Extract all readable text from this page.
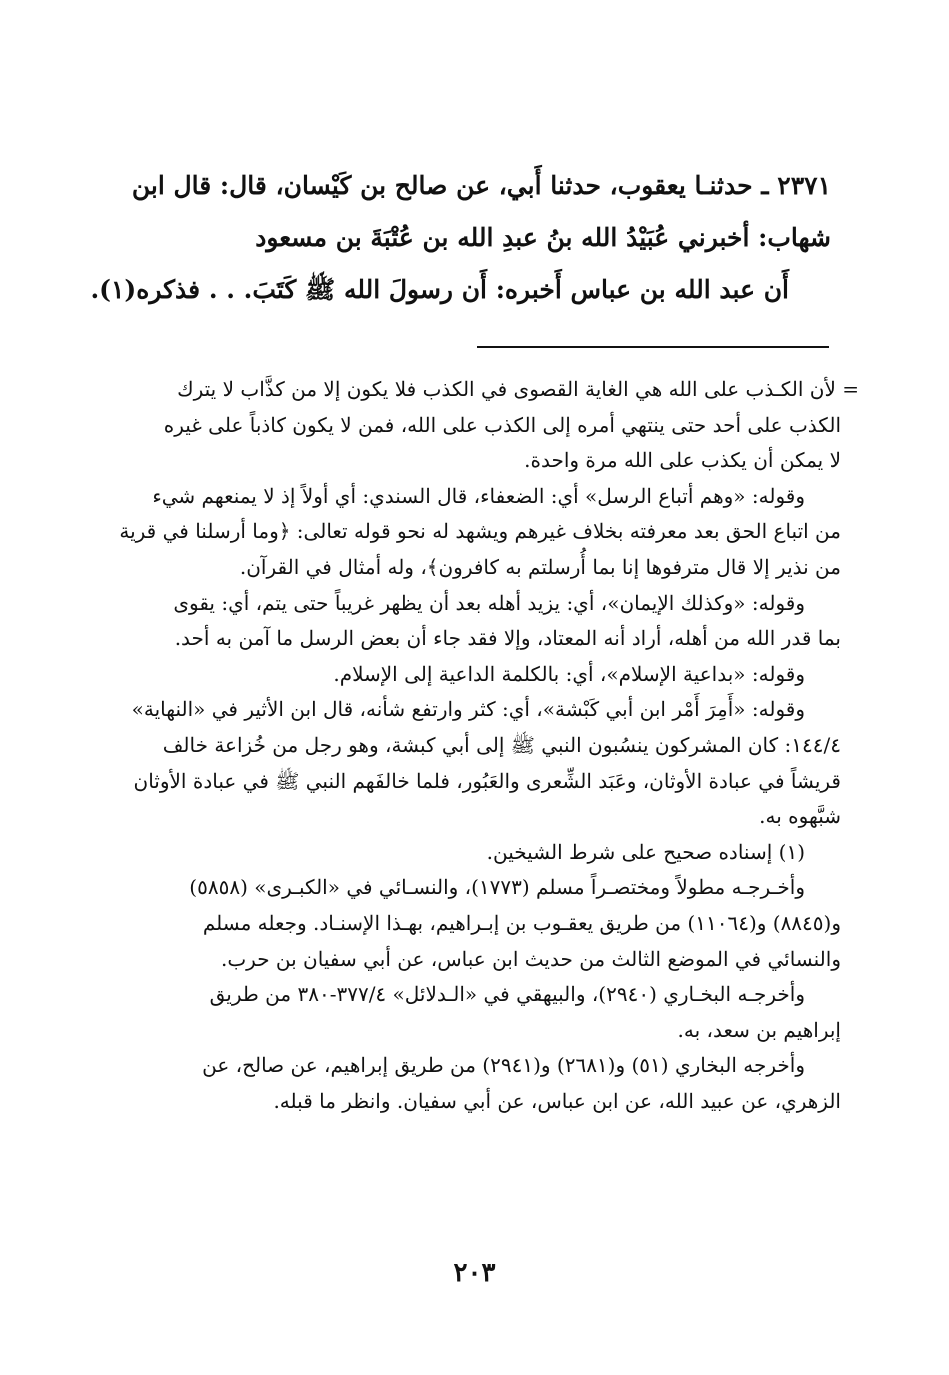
٢٣٧١ ـ حدثنـا يعقوب، حدثنا أَبي، عن صالح بن كَيْسان، قال: قال ابن
شهاب: أخبرني عُبَيْدُ الله بنُ عبدِ الله بن عُتْبَةَ بن مسعود
أَن عبد الله بن عباس أَخبره: أَن رسولَ الله ﷺ كَتَبَ. . . فذكره(١).
= لأن الكـذب على الله هي الغاية القصوى في الكذب فلا يكون إلا من كذَّاب لا يترك
الكذب على أحد حتى ينتهي أمره إلى الكذب على الله، فمن لا يكون كاذباً على غيره
لا يمكن أن يكذب على الله مرة واحدة.
وقوله: «وهم أتباع الرسل» أي: الضعفاء، قال السندي: أي أولاً إذ لا يمنعهم شيء
من اتباع الحق بعد معرفته بخلاف غيرهم ويشهد له نحو قوله تعالى: ﴿وما أرسلنا في قرية
من نذير إلا قال مترفوها إنا بما أُرسلتم به كافرون﴾، وله أمثال في القرآن.
وقوله: «وكذلك الإيمان»، أي: يزيد أهله بعد أن يظهر غريباً حتى يتم، أي: يقوى
بما قدر الله من أهله، أراد أنه المعتاد، وإلا فقد جاء أن بعض الرسل ما آمن به أحد.
وقوله: «بداعية الإسلام»، أي: بالكلمة الداعية إلى الإسلام.
وقوله: «أَمِرَ أَمْر ابن أبي كَبْشة»، أي: كثر وارتفع شأنه، قال ابن الأثير في «النهاية»
١٤٤/٤: كان المشركون ينسُبون النبي ﷺ إلى أبي كبشة، وهو رجل من خُزاعة خالف
قريشاً في عبادة الأوثان، وعَبَد الشِّعرى والعَبُور، فلما خالفَهم النبي ﷺ في عبادة الأوثان
شبَّهوه به.
(١) إسناده صحيح على شرط الشيخين.
وأخـرجـه مطولاً ومختصـراً مسلم (١٧٧٣)، والنسـائي في «الكبـرى» (٥٨٥٨)
و(٨٨٤٥) و(١١٠٦٤) من طريق يعقـوب بن إبـراهيم، بهـذا الإسنـاد. وجعله مسلم
والنسائي في الموضع الثالث من حديث ابن عباس، عن أبي سفيان بن حرب.
وأخرجـه البخـاري (٢٩٤٠)، والبيهقي في «الـدلائل» ٣٧٧/٤-٣٨٠ من طريق
إبراهيم بن سعد، به.
وأخرجه البخاري (٥١) و(٢٦٨١) و(٢٩٤١) من طريق إبراهيم، عن صالح، عن
الزهري، عن عبيد الله، عن ابن عباس، عن أبي سفيان. وانظر ما قبله.
٢٠٣
